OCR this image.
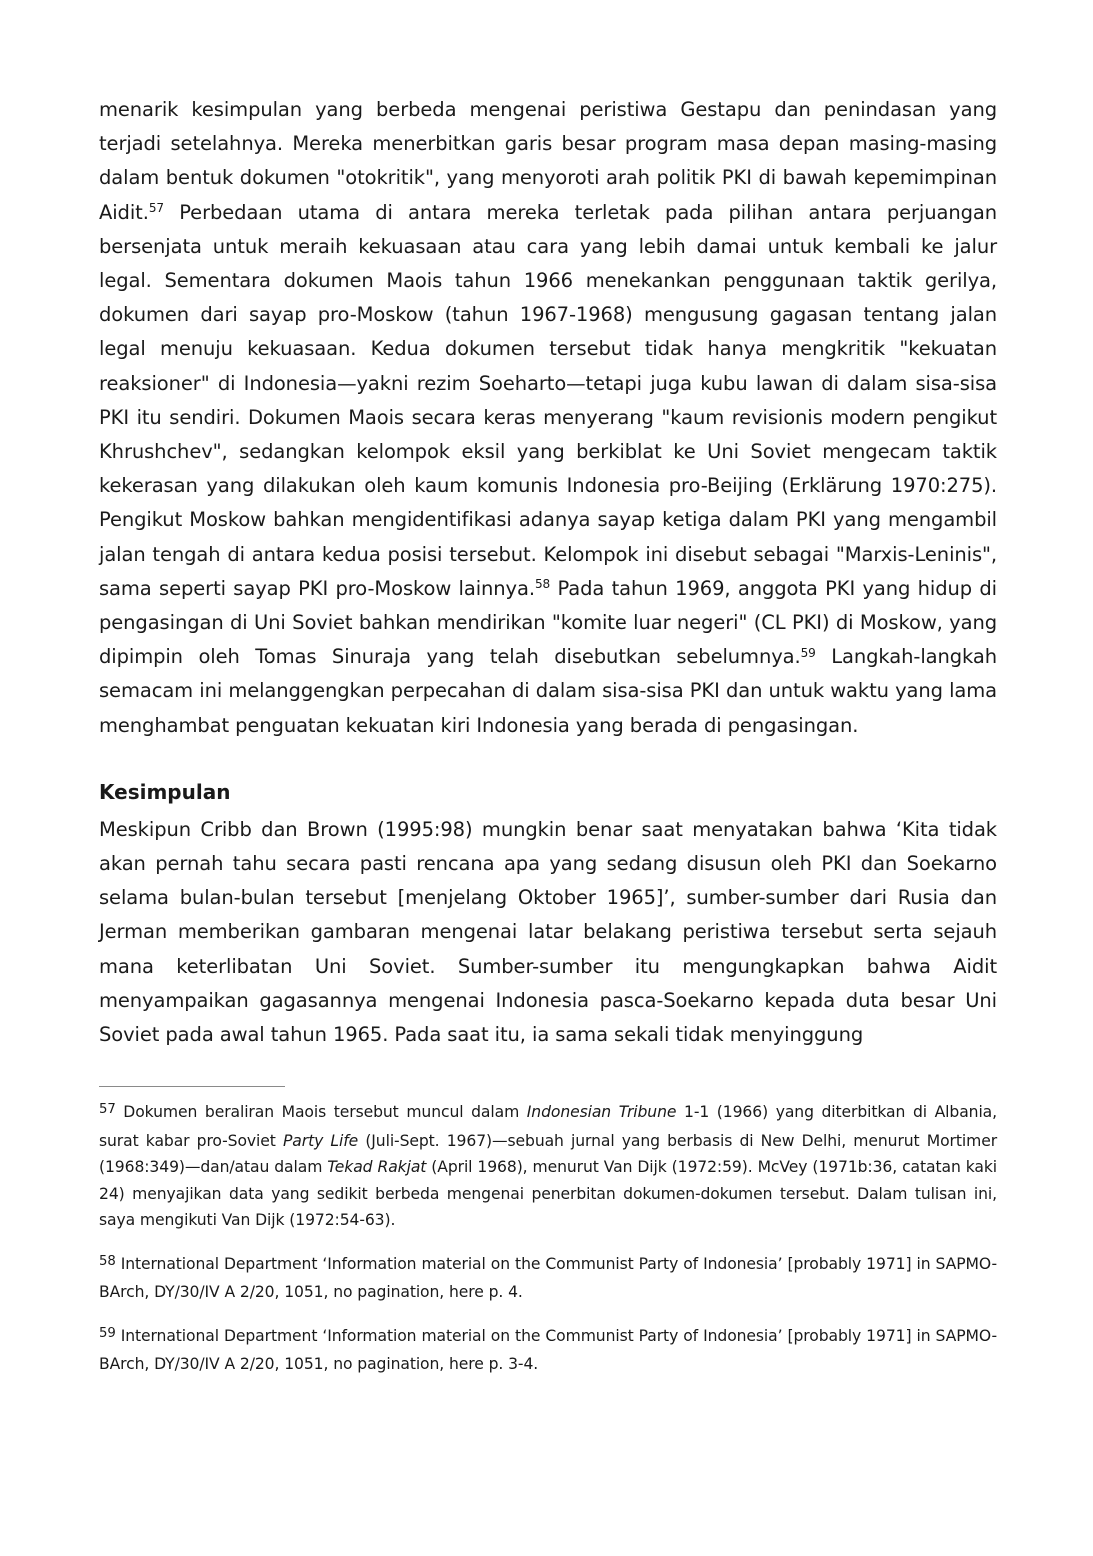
menarik kesimpulan yang berbeda mengenai peristiwa Gestapu dan penindasan yang terjadi setelahnya. Mereka menerbitkan garis besar program masa depan masing-masing dalam bentuk dokumen "otokritik", yang menyoroti arah politik PKI di bawah kepemimpinan Aidit.$^{57}$ Perbedaan utama di antara mereka terletak pada pilihan antara perjuangan bersenjata untuk meraih kekuasaan atau cara yang lebih damai untuk kembali ke jalur legal. Sementara dokumen Maois tahun 1966 menekankan penggunaan taktik gerilya, dokumen dari sayap pro-Moskow (tahun 1967-1968) mengusung gagasan tentang jalan legal menuju kekuasaan. Kedua dokumen tersebut tidak hanya mengkritik "kekuatan reaksioner" di Indonesia—yakni rezim Soeharto—tetapi juga kubu lawan di dalam sisa-sisa PKI itu sendiri. Dokumen Maois secara keras menyerang "kaum revisionis modern pengikut Khrushchev", sedangkan kelompok eksil yang berkiblat ke Uni Soviet mengecam taktik kekerasan yang dilakukan oleh kaum komunis Indonesia pro-Beijing (Erklärung 1970:275). Pengikut Moskow bahkan mengidentifikasi adanya sayap ketiga dalam PKI yang mengambil jalan tengah di antara kedua posisi tersebut. Kelompok ini disebut sebagai "Marxis-Leninis", sama seperti sayap PKI pro-Moskow lainnya.$^{58}$ Pada tahun 1969, anggota PKI yang hidup di pengasingan di Uni Soviet bahkan mendirikan "komite luar negeri" (CL PKI) di Moskow, yang dipimpin oleh Tomas Sinuraja yang telah disebutkan sebelumnya.$^{59}$ Langkah-langkah semacam ini melanggengkan perpecahan di dalam sisa-sisa PKI dan untuk waktu yang lama menghambat penguatan kekuatan kiri Indonesia yang berada di pengasingan.

Kesimpulan

Meskipun Cribb dan Brown (1995:98) mungkin benar saat menyatakan bahwa ‘Kita tidak akan pernah tahu secara pasti rencana apa yang sedang disusun oleh PKI dan Soekarno selama bulan-bulan tersebut [menjelang Oktober 1965]’, sumber-sumber dari Rusia dan Jerman memberikan gambaran mengenai latar belakang peristiwa tersebut serta sejauh mana keterlibatan Uni Soviet. Sumber-sumber itu mengungkapkan bahwa Aidit menyampaikan gagasannya mengenai Indonesia pasca-Soekarno kepada duta besar Uni Soviet pada awal tahun 1965. Pada saat itu, ia sama sekali tidak menyinggung

$^{57}$ Dokumen beraliran Maois tersebut muncul dalam Indonesian Tribune 1-1 (1966) yang diterbitkan di Albania, surat kabar pro-Soviet Party Life (Juli-Sept. 1967)—sebuah jurnal yang berbasis di New Delhi, menurut Mortimer (1968:349)—dan/atau dalam Tekad Rakjat (April 1968), menurut Van Dijk (1972:59). McVey (1971b:36, catatan kaki 24) menyajikan data yang sedikit berbeda mengenai penerbitan dokumen-dokumen tersebut. Dalam tulisan ini, saya mengikuti Van Dijk (1972:54-63).

$^{58}$ International Department ‘Information material on the Communist Party of Indonesia’ [probably 1971] in SAPMO-BArch, DY/30/IV A 2/20, 1051, no pagination, here p. 4.

$^{59}$ International Department ‘Information material on the Communist Party of Indonesia’ [probably 1971] in SAPMO-BArch, DY/30/IV A 2/20, 1051, no pagination, here p. 3-4.
